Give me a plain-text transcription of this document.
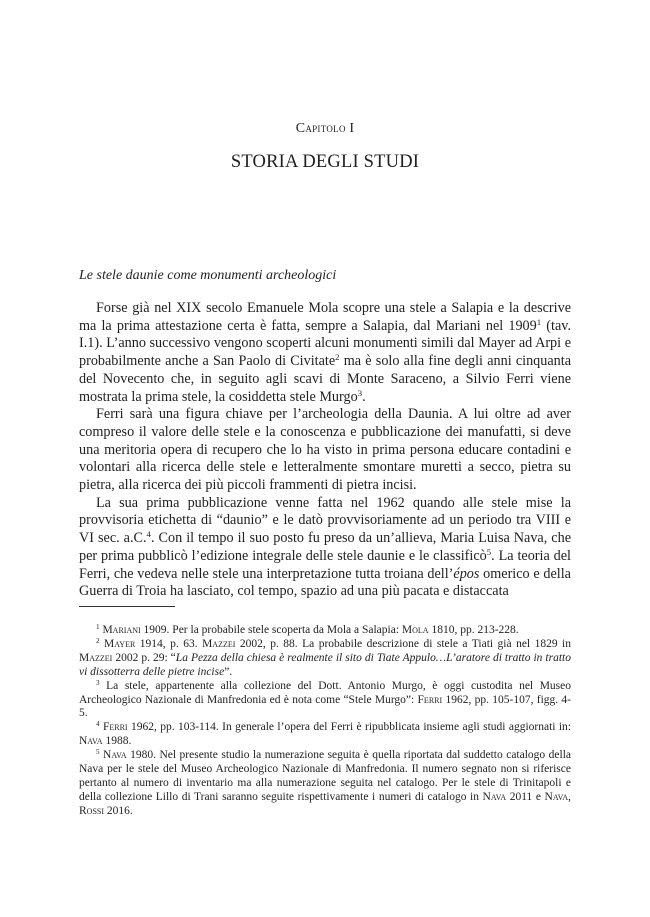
Capitolo I
STORIA DEGLI STUDI
Le stele daunie come monumenti archeologici

Forse già nel XIX secolo Emanuele Mola scopre una stele a Salapia e la descrive ma la prima attestazione certa è fatta, sempre a Salapia, dal Mariani nel 1909$^1$ (tav. I.1). L’anno successivo vengono scoperti alcuni monumenti simili dal Mayer ad Arpi e probabilmente anche a San Paolo di Civitate$^2$ ma è solo alla fine degli anni cinquanta del Novecento che, in seguito agli scavi di Monte Saraceno, a Silvio Ferri viene mostrata la prima stele, la cosiddetta stele Murgo$^3$.

Ferri sarà una figura chiave per l’archeologia della Daunia. A lui oltre ad aver compreso il valore delle stele e la conoscenza e pubblicazione dei manufatti, si deve una meritoria opera di recupero che lo ha visto in prima persona educare contadini e volontari alla ricerca delle stele e letteralmente smontare muretti a secco, pietra su pietra, alla ricerca dei più piccoli frammenti di pietra incisi.

La sua prima pubblicazione venne fatta nel 1962 quando alle stele mise la provvisoria etichetta di “daunio” e le datò provvisoriamente ad un periodo tra VIII e VI sec. a.C.$^4$. Con il tempo il suo posto fu preso da un’allieva, Maria Luisa Nava, che per prima pubblicò l’edizione integrale delle stele daunie e le classificò$^5$. La teoria del Ferri, che vedeva nelle stele una interpretazione tutta troiana dell’épos omerico e della Guerra di Troia ha lasciato, col tempo, spazio ad una più pacata e distaccata

$^1$ Mariani 1909. Per la probabile stele scoperta da Mola a Salapia: Mola 1810, pp. 213-228.

$^2$ Mayer 1914, p. 63. Mazzei 2002, p. 88. La probabile descrizione di stele a Tiati già nel 1829 in Mazzei 2002 p. 29: “La Pezza della chiesa è realmente il sito di Tiate Appulo…L’aratore di tratto in tratto vi dissotterra delle pietre incise”.

$^3$ La stele, appartenente alla collezione del Dott. Antonio Murgo, è oggi custodita nel Museo Archeologico Nazionale di Manfredonia ed è nota come “Stele Murgo”: Ferri 1962, pp. 105-107, figg. 4-5.

$^4$ Ferri 1962, pp. 103-114. In generale l’opera del Ferri è ripubblicata insieme agli studi aggiornati in: Nava 1988.

$^5$ Nava 1980. Nel presente studio la numerazione seguita è quella riportata dal suddetto catalogo della Nava per le stele del Museo Archeologico Nazionale di Manfredonia. Il numero segnato non si riferisce pertanto al numero di inventario ma alla numerazione seguita nel catalogo. Per le stele di Trinitapoli e della collezione Lillo di Trani saranno seguite rispettivamente i numeri di catalogo in Nava 2011 e Nava, Rossi 2016.
